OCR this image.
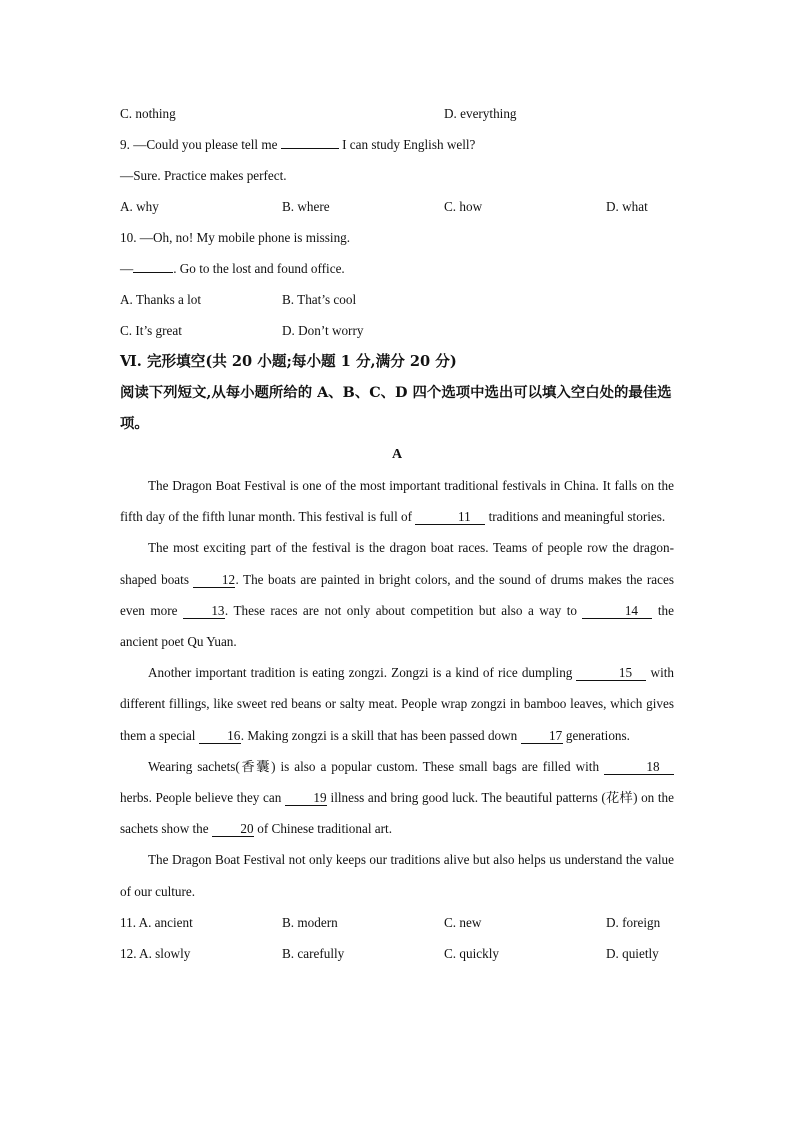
C. nothing	D. everything
9. —Could you please tell me	I can study English well?
—Sure. Practice makes perfect.
A. why	B. where	C. how	D. what
10. —Oh, no! My mobile phone is missing.
—	. Go to the lost and found office.
A. Thanks a lot	B. That’s cool
C. It’s great	D. Don’t worry
Ⅵ. 完形填空(共 20 小题;每小题 1 分,满分 20 分)
阅读下列短文,从每小题所给的 A、B、C、D 四个选项中选出可以填入空白处的最佳选项。
A

The Dragon Boat Festival is one of the most important traditional festivals in China. It falls on the fifth day of the fifth lunar month. This festival is full of	11 traditions and meaningful stories.

The most exciting part of the festival is the dragon boat races. Teams of people row the dragon-shaped boats 12. The boats are painted in bright colors, and the sound of drums makes the races even more 13. These races are not only about competition but also a way to	14 the ancient poet Qu Yuan.

Another important tradition is eating zongzi. Zongzi is a kind of rice dumpling	15 with different fillings, like sweet red beans or salty meat. People wrap zongzi in bamboo leaves, which gives them a special 16. Making zongzi is a skill that has been passed down 17 generations.

Wearing sachets(香囊) is also a popular custom. These small bags are filled with	18 herbs. People believe they can 19 illness and bring good luck. The beautiful patterns (花样) on the sachets show the 20 of Chinese traditional art.

The Dragon Boat Festival not only keeps our traditions alive but also helps us understand the value of our culture.

11. A. ancient	B. modern	C. new	D. foreign
12. A. slowly	B. carefully	C. quickly	D. quietly
